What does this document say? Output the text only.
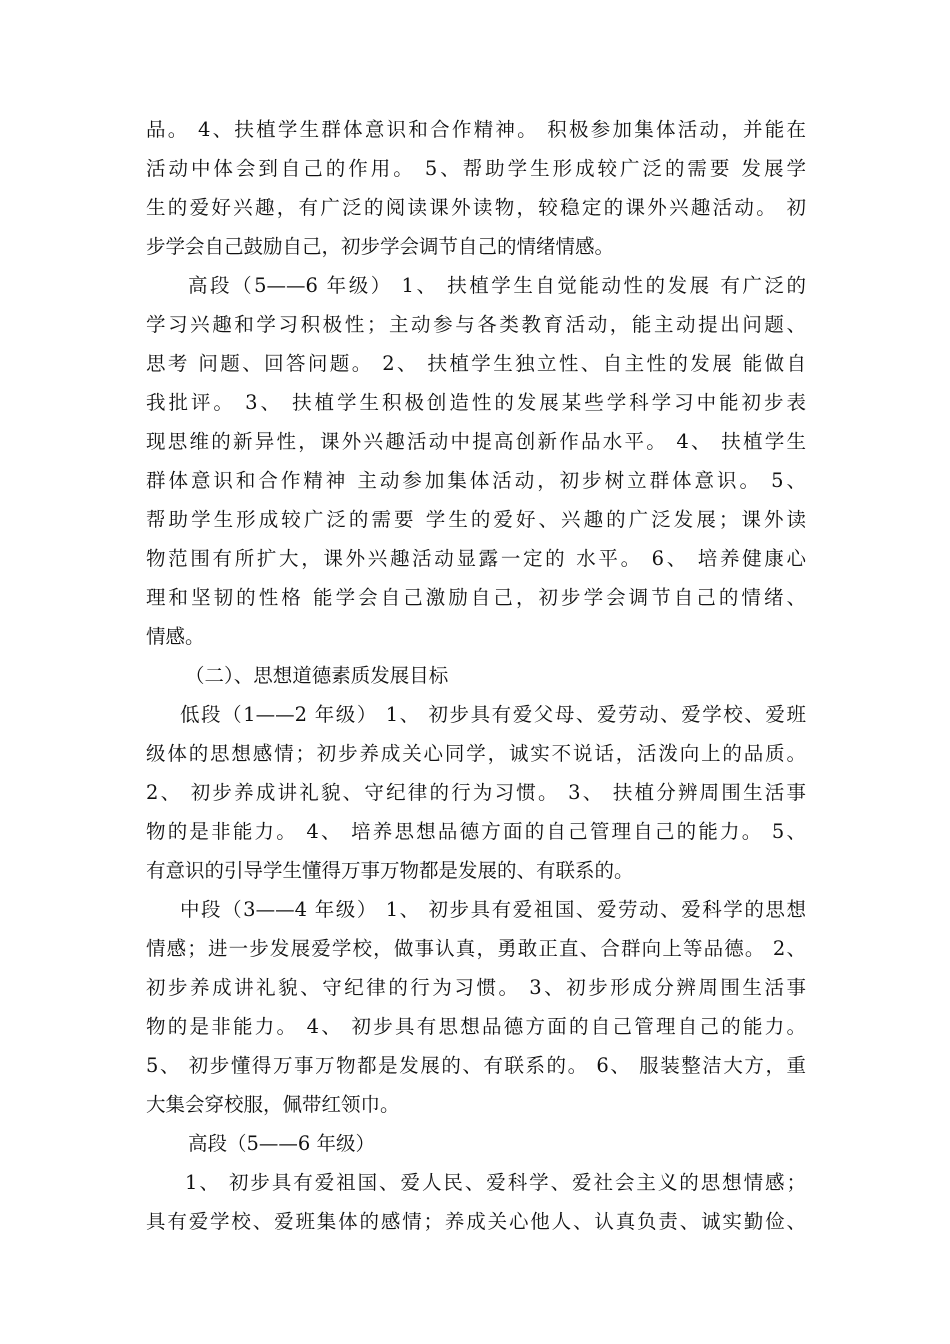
品。 4、扶植学生群体意识和合作精神。 积极参加集体活动，并能在
活动中体会到自己的作用。 5、帮助学生形成较广泛的需要 发展学
生的爱好兴趣，有广泛的阅读课外读物，较稳定的课外兴趣活动。 初
步学会自己鼓励自己，初步学会调节自己的情绪情感。
高段（5——6 年级） 1、 扶植学生自觉能动性的发展 有广泛的
学习兴趣和学习积极性；主动参与各类教育活动，能主动提出问题、
思考 问题、回答问题。 2、 扶植学生独立性、自主性的发展 能做自
我批评。 3、 扶植学生积极创造性的发展某些学科学习中能初步表
现思维的新异性，课外兴趣活动中提高创新作品水平。 4、 扶植学生
群体意识和合作精神 主动参加集体活动，初步树立群体意识。 5、
帮助学生形成较广泛的需要 学生的爱好、兴趣的广泛发展；课外读
物范围有所扩大，课外兴趣活动显露一定的 水平。 6、 培养健康心
理和坚韧的性格 能学会自己激励自己，初步学会调节自己的情绪、
情感。
（二）、思想道德素质发展目标
低段（1——2 年级） 1、 初步具有爱父母、爱劳动、爱学校、爱班
级体的思想感情；初步养成关心同学，诚实不说话，活泼向上的品质。
2、 初步养成讲礼貌、守纪律的行为习惯。 3、 扶植分辨周围生活事
物的是非能力。 4、 培养思想品德方面的自己管理自己的能力。 5、
有意识的引导学生懂得万事万物都是发展的、有联系的。
中段（3——4 年级） 1、 初步具有爱祖国、爱劳动、爱科学的思想
情感；进一步发展爱学校，做事认真，勇敢正直、合群向上等品德。 2、
初步养成讲礼貌、守纪律的行为习惯。 3、初步形成分辨周围生活事
物的是非能力。 4、 初步具有思想品德方面的自己管理自己的能力。
5、 初步懂得万事万物都是发展的、有联系的。 6、 服装整洁大方，重
大集会穿校服，佩带红领巾。
高段（5——6 年级）
1、 初步具有爱祖国、爱人民、爱科学、爱社会主义的思想情感；
具有爱学校、爱班集体的感情；养成关心他人、认真负责、诚实勤俭、
